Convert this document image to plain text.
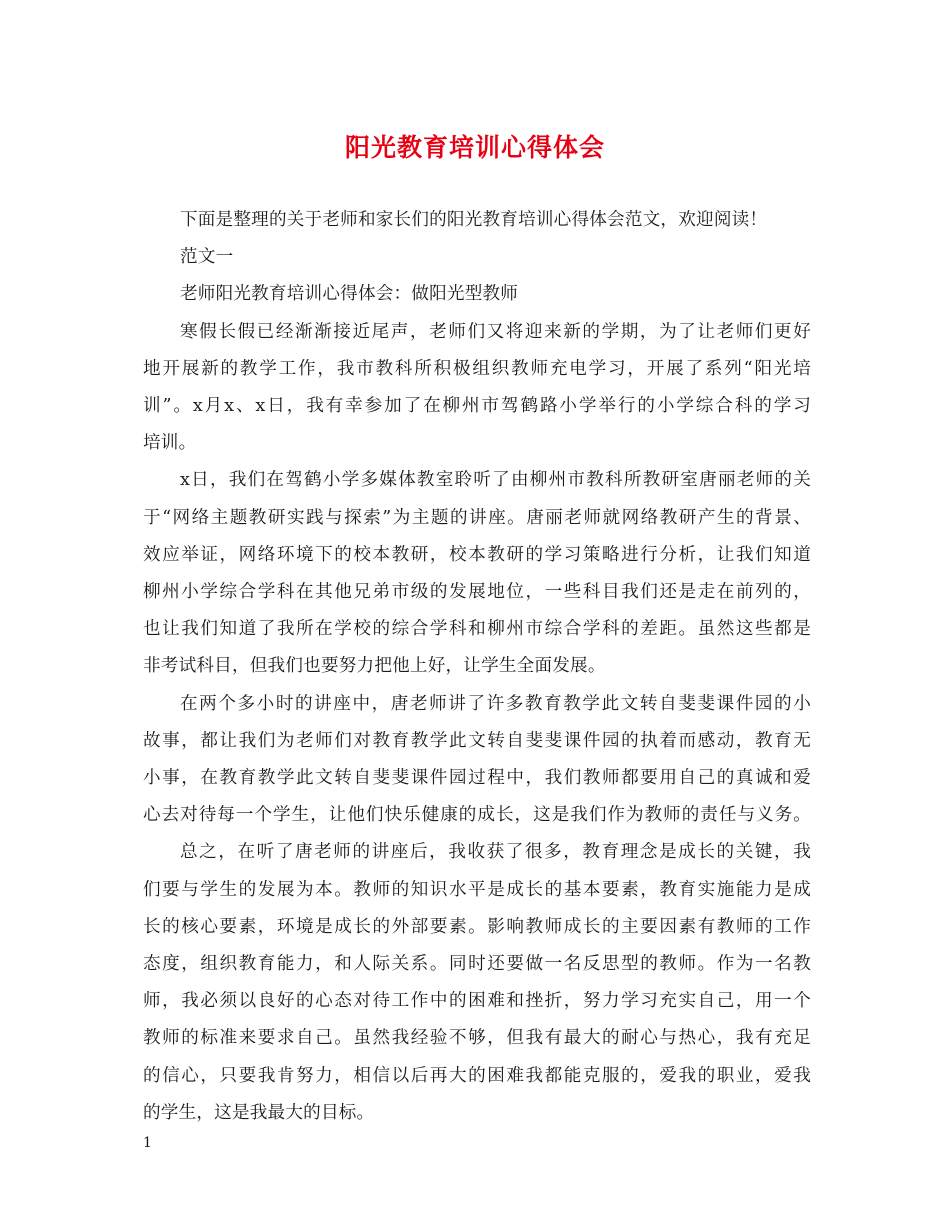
阳光教育培训心得体会

下面是整理的关于老师和家长们的阳光教育培训心得体会范文，欢迎阅读！

范文一

老师阳光教育培训心得体会：做阳光型教师

寒假长假已经渐渐接近尾声，老师们又将迎来新的学期，为了让老师们更好

地开展新的教学工作，我市教科所积极组织教师充电学习，开展了系列“阳光培

训”。x月x、x日，我有幸参加了在柳州市驾鹤路小学举行的小学综合科的学习

培训。

x日，我们在驾鹤小学多媒体教室聆听了由柳州市教科所教研室唐丽老师的关

于“网络主题教研实践与探索”为主题的讲座。唐丽老师就网络教研产生的背景、

效应举证，网络环境下的校本教研，校本教研的学习策略进行分析，让我们知道

柳州小学综合学科在其他兄弟市级的发展地位，一些科目我们还是走在前列的，

也让我们知道了我所在学校的综合学科和柳州市综合学科的差距。虽然这些都是

非考试科目，但我们也要努力把他上好，让学生全面发展。

在两个多小时的讲座中，唐老师讲了许多教育教学此文转自斐斐课件园的小

故事，都让我们为老师们对教育教学此文转自斐斐课件园的执着而感动，教育无

小事，在教育教学此文转自斐斐课件园过程中，我们教师都要用自己的真诚和爱

心去对待每一个学生，让他们快乐健康的成长，这是我们作为教师的责任与义务。

总之，在听了唐老师的讲座后，我收获了很多，教育理念是成长的关键，我

们要与学生的发展为本。教师的知识水平是成长的基本要素，教育实施能力是成

长的核心要素，环境是成长的外部要素。影响教师成长的主要因素有教师的工作

态度，组织教育能力，和人际关系。同时还要做一名反思型的教师。作为一名教

师，我必须以良好的心态对待工作中的困难和挫折，努力学习充实自己，用一个

教师的标准来要求自己。虽然我经验不够，但我有最大的耐心与热心，我有充足

的信心，只要我肯努力，相信以后再大的困难我都能克服的，爱我的职业，爱我

的学生，这是我最大的目标。

1
